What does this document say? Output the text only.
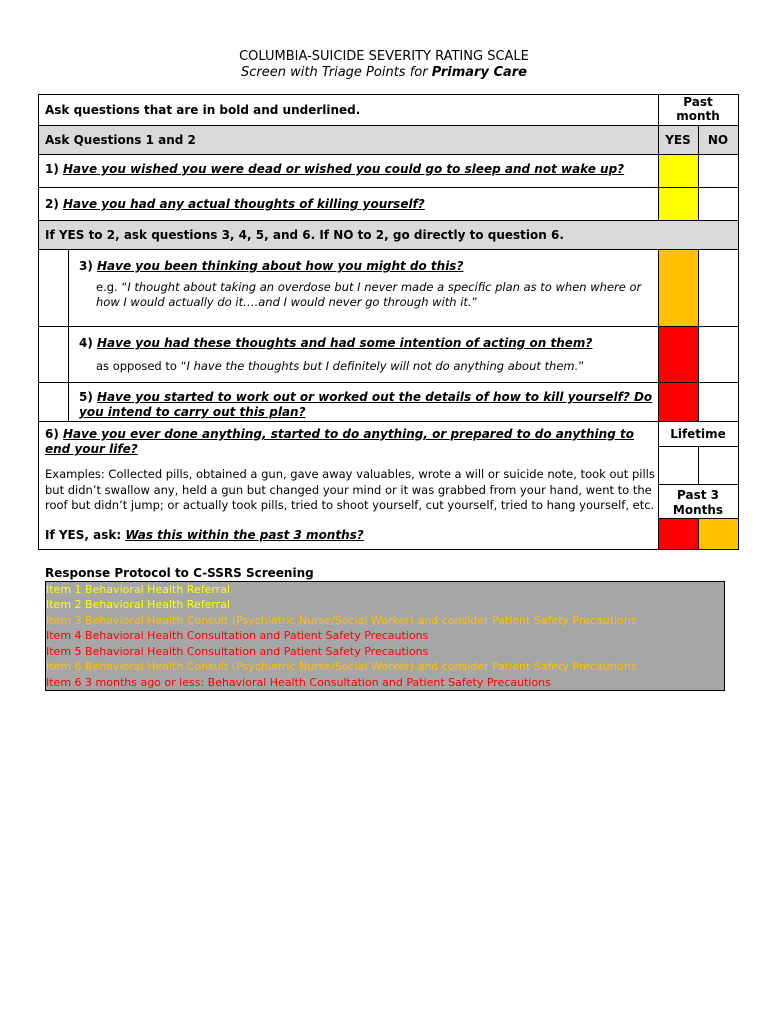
COLUMBIA-SUICIDE SEVERITY RATING SCALE
Screen with Triage Points for Primary Care
Ask questions that are in bold and underlined.
Past month
Ask Questions 1 and 2	YES	NO
1) Have you wished you were dead or wished you could go to sleep and not wake up?
2) Have you had any actual thoughts of killing yourself?
If YES to 2, ask questions 3, 4, 5, and 6. If NO to 2, go directly to question 6.
3) Have you been thinking about how you might do this?
e.g. “I thought about taking an overdose but I never made a specific plan as to when where or how I would actually do it….and I would never go through with it.”
4) Have you had these thoughts and had some intention of acting on them?
as opposed to “I have the thoughts but I definitely will not do anything about them.”
5) Have you started to work out or worked out the details of how to kill yourself? Do you intend to carry out this plan?
6) Have you ever done anything, started to do anything, or prepared to do anything to end your life?
Examples: Collected pills, obtained a gun, gave away valuables, wrote a will or suicide note, took out pills but didn’t swallow any, held a gun but changed your mind or it was grabbed from your hand, went to the roof but didn’t jump; or actually took pills, tried to shoot yourself, cut yourself, tried to hang yourself, etc.
If YES, ask: Was this within the past 3 months?
Lifetime
Past 3 Months
Response Protocol to C-SSRS Screening
Item 1 Behavioral Health Referral
Item 2 Behavioral Health Referral
Item 3 Behavioral Health Consult (Psychiatric Nurse/Social Worker) and consider Patient Safety Precautions
Item 4 Behavioral Health Consultation and Patient Safety Precautions
Item 5 Behavioral Health Consultation and Patient Safety Precautions
Item 6 Behavioral Health Consult (Psychiatric Nurse/Social Worker) and consider Patient Safety Precautions
Item 6 3 months ago or less: Behavioral Health Consultation and Patient Safety Precautions
